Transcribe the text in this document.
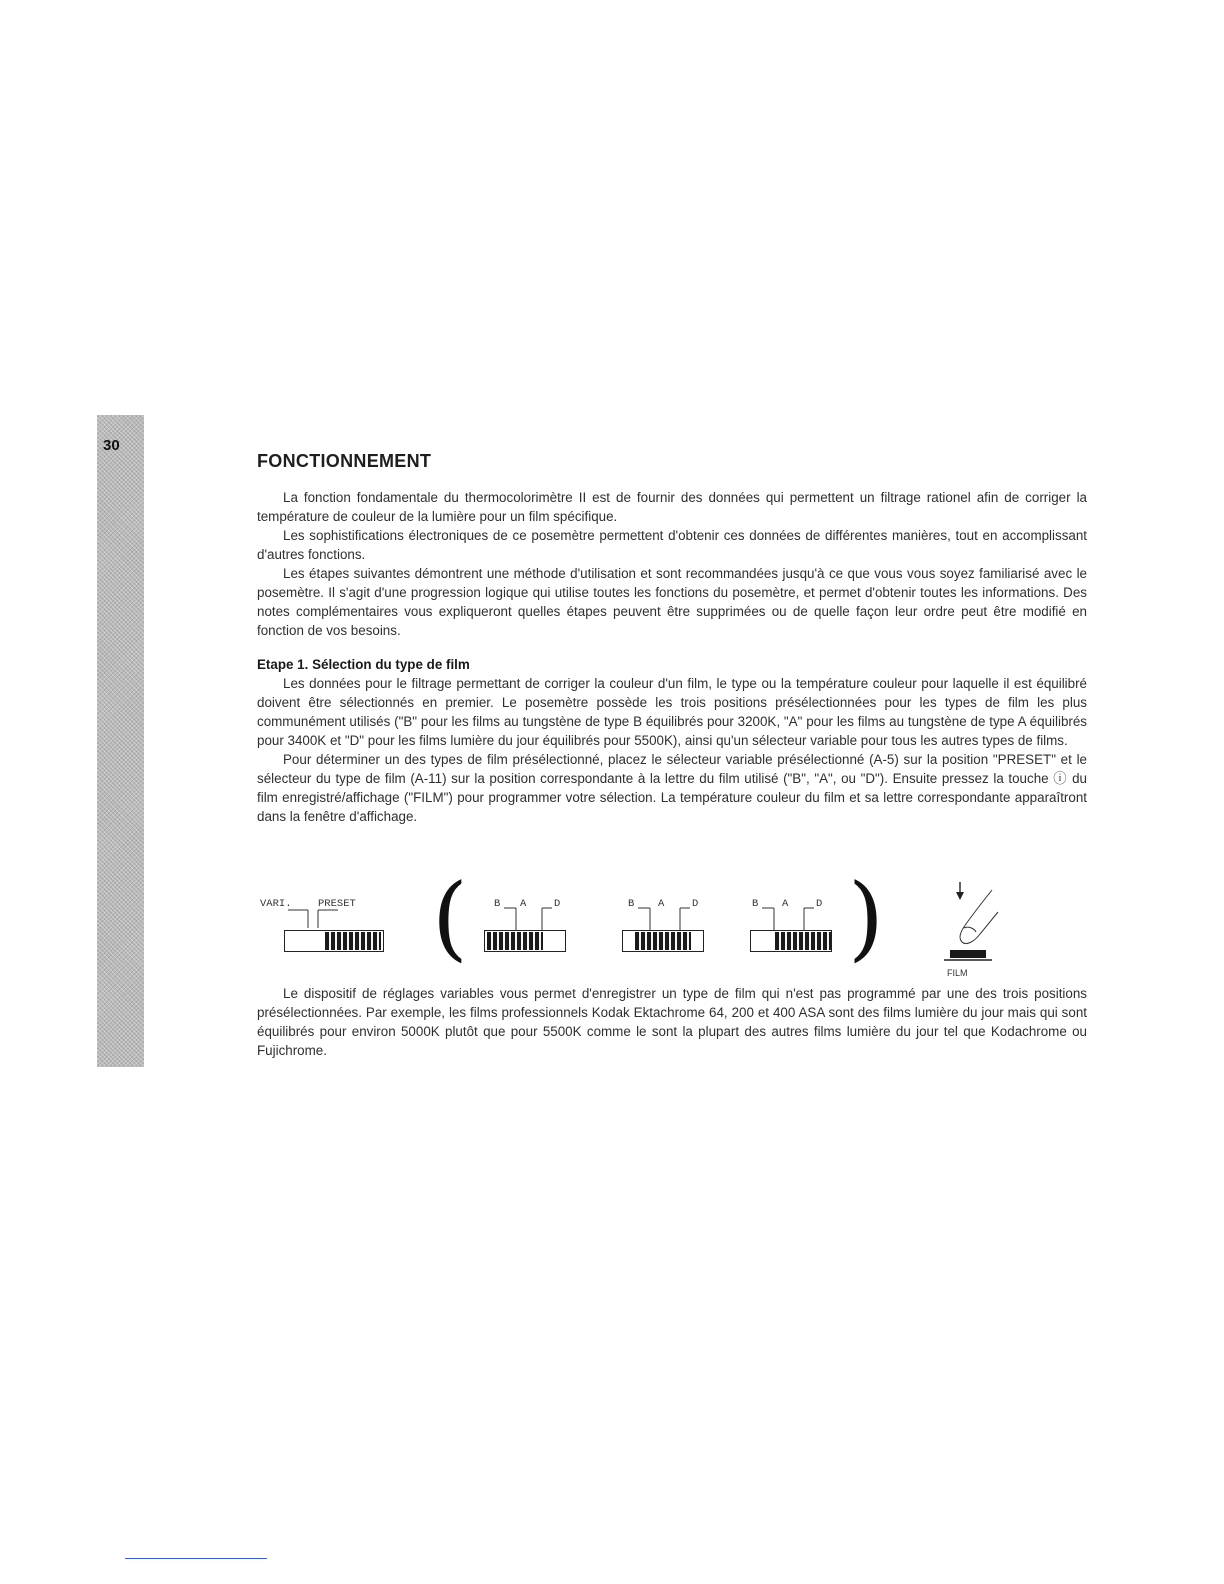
30
FONCTIONNEMENT

La fonction fondamentale du thermocolorimètre II est de fournir des données qui permettent un filtrage rationel afin de corriger la température de couleur de la lumière pour un film spécifique.

Les sophistifications électroniques de ce posemètre permettent d'obtenir ces données de différentes manières, tout en accomplissant d'autres fonctions.

Les étapes suivantes démontrent une méthode d'utilisation et sont recommandées jusqu'à ce que vous vous soyez familiarisé avec le posemètre. Il s'agit d'une progression logique qui utilise toutes les fonctions du posemètre, et permet d'obtenir toutes les informations. Des notes complémentaires vous expliqueront quelles étapes peuvent être supprimées ou de quelle façon leur ordre peut être modifié en fonction de vos besoins.

Etape 1. Sélection du type de film

Les données pour le filtrage permettant de corriger la couleur d'un film, le type ou la température couleur pour laquelle il est équilibré doivent être sélectionnés en premier. Le posemètre possède les trois positions présélectionnées pour les types de film les plus communément utilisés ("B" pour les films au tungstène de type B équilibrés pour 3200K, "A" pour les films au tungstène de type A équilibrés pour 3400K et "D" pour les films lumière du jour équilibrés pour 5500K), ainsi qu'un sélecteur variable pour tous les autres types de films.

Pour déterminer un des types de film présélectionné, placez le sélecteur variable présélectionné (A-5) sur la position "PRESET" et le sélecteur du type de film (A-11) sur la position correspondante à la lettre du film utilisé ("B", "A", ou "D"). Ensuite pressez la touche ⓘ du film enregistré/affichage ("FILM") pour programmer votre sélection. La température couleur du film et sa lettre correspondante apparaîtront dans la fenêtre d'affichage.

VARI.	PRESET ( B A	D	B A	D	B A	D )
FILM

Le dispositif de réglages variables vous permet d'enregistrer un type de film qui n'est pas programmé par une des trois positions présélectionnées. Par exemple, les films professionnels Kodak Ektachrome 64, 200 et 400 ASA sont des films lumière du jour mais qui sont équilibrés pour environ 5000K plutôt que pour 5500K comme le sont la plupart des autres films lumière du jour tel que Kodachrome ou Fujichrome.
